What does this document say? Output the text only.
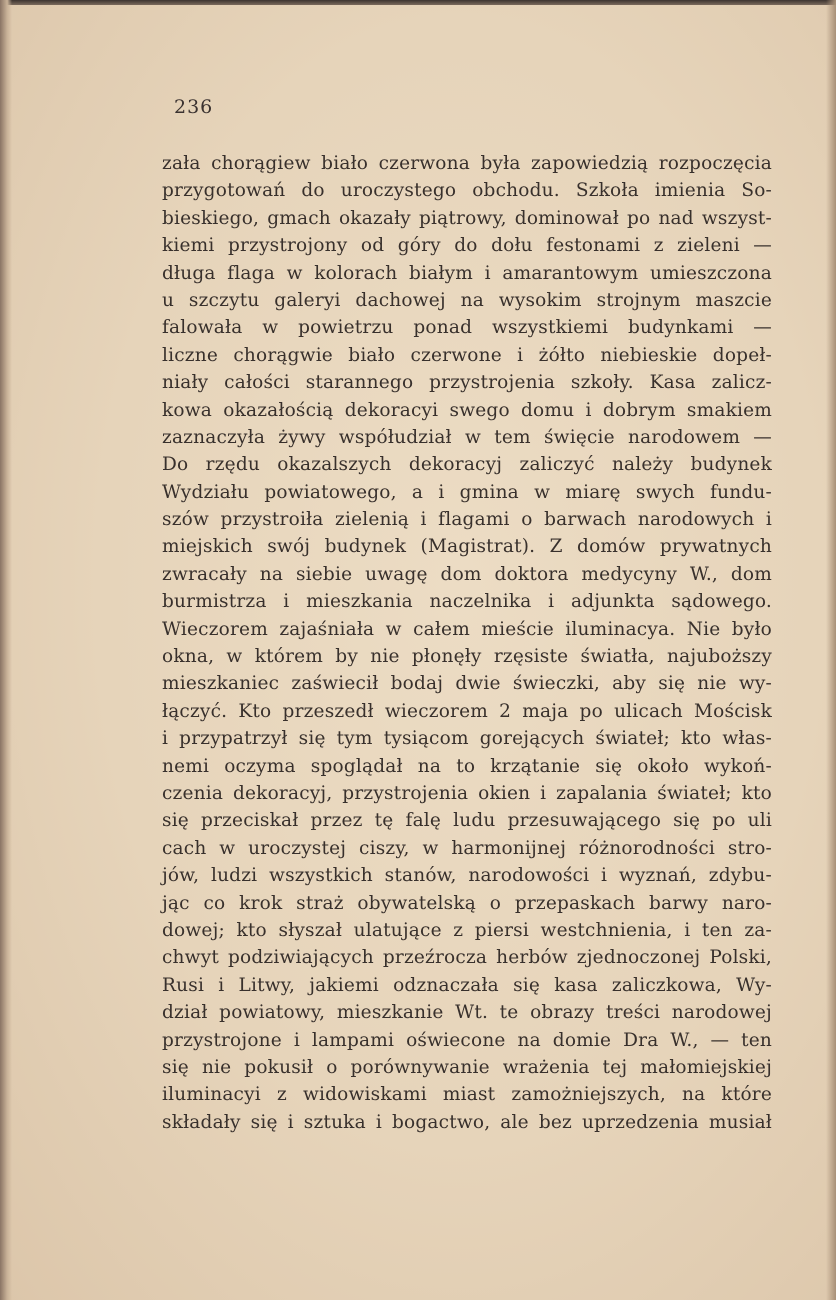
236
zała chorągiew biało czerwona była zapowiedzią rozpoczęcia
przygotowań do uroczystego obchodu. Szkoła imienia So-
bieskiego, gmach okazały piątrowy, dominował po nad wszyst-
kiemi przystrojony od góry do dołu festonami z zieleni —
długa flaga w kolorach białym i amarantowym umieszczona
u szczytu galeryi dachowej na wysokim strojnym maszcie
falowała w powietrzu ponad wszystkiemi budynkami —
liczne chorągwie biało czerwone i żółto niebieskie dopeł-
niały całości starannego przystrojenia szkoły. Kasa zalicz-
kowa okazałością dekoracyi swego domu i dobrym smakiem
zaznaczyła żywy współudział w tem święcie narodowem —
Do rzędu okazalszych dekoracyj zaliczyć należy budynek
Wydziału powiatowego, a i gmina w miarę swych fundu-
szów przystroiła zielenią i flagami o barwach narodowych i
miejskich swój budynek (Magistrat). Z domów prywatnych
zwracały na siebie uwagę dom doktora medycyny W., dom
burmistrza i mieszkania naczelnika i adjunkta sądowego.
Wieczorem zajaśniała w całem mieście iluminacya. Nie było
okna, w którem by nie płonęły rzęsiste światła, najuboższy
mieszkaniec zaświecił bodaj dwie świeczki, aby się nie wy-
łączyć. Kto przeszedł wieczorem 2 maja po ulicach Mościsk
i przypatrzył się tym tysiącom gorejących świateł; kto włas-
nemi oczyma spoglądał na to krzątanie się około wykoń-
czenia dekoracyj, przystrojenia okien i zapalania świateł; kto
się przeciskał przez tę falę ludu przesuwającego się po uli
cach w uroczystej ciszy, w harmonijnej różnorodności stro-
jów, ludzi wszystkich stanów, narodowości i wyznań, zdybu-
jąc co krok straż obywatelską o przepaskach barwy naro-
dowej; kto słyszał ulatujące z piersi westchnienia, i ten za-
chwyt podziwiających przeźrocza herbów zjednoczonej Polski,
Rusi i Litwy, jakiemi odznaczała się kasa zaliczkowa, Wy-
dział powiatowy, mieszkanie Wt. te obrazy treści narodowej
przystrojone i lampami oświecone na domie Dra W., — ten
się nie pokusił o porównywanie wrażenia tej małomiejskiej
iluminacyi z widowiskami miast zamożniejszych, na które
składały się i sztuka i bogactwo, ale bez uprzedzenia musiał
